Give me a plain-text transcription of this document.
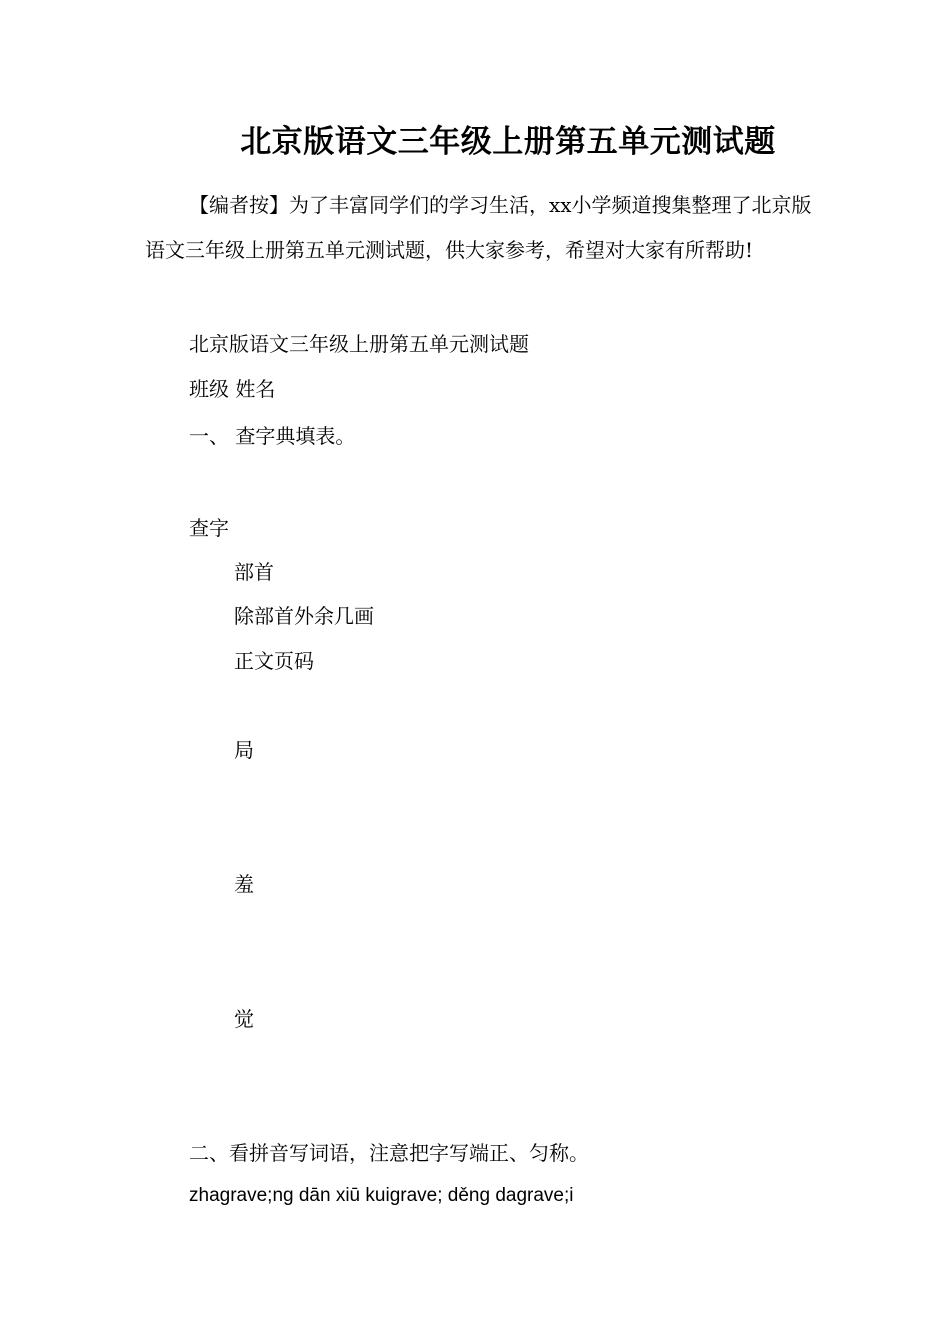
北京版语文三年级上册第五单元测试题
【编者按】为了丰富同学们的学习生活，xx小学频道搜集整理了北京版语文三年级上册第五单元测试题，供大家参考，希望对大家有所帮助!
北京版语文三年级上册第五单元测试题
班级 姓名
一、 查字典填表。
查字
部首
除部首外余几画
正文页码
局
羞
觉
二、看拼音写词语，注意把字写端正、匀称。
zhagrave;ng dān xiū kuigrave; děng dagrave;i
